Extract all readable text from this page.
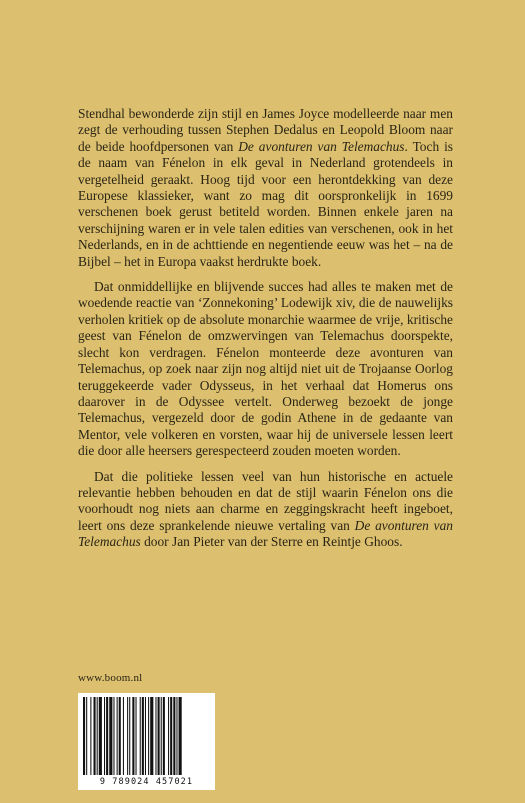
Stendhal bewonderde zijn stijl en James Joyce modelleerde naar men zegt de verhouding tussen Stephen Dedalus en Leopold Bloom naar de beide hoofdpersonen van De avonturen van Telemachus. Toch is de naam van Fénelon in elk geval in Nederland grotendeels in vergetelheid geraakt. Hoog tijd voor een herontdekking van deze Europese klassieker, want zo mag dit oorspronkelijk in 1699 verschenen boek gerust betiteld worden. Binnen enkele jaren na verschijning waren er in vele talen edities van verschenen, ook in het Nederlands, en in de achttiende en negentiende eeuw was het – na de Bijbel – het in Europa vaakst herdrukte boek.

Dat onmiddellijke en blijvende succes had alles te maken met de woedende reactie van ‘Zonnekoning’ Lodewijk xiv, die de nauwelijks verholen kritiek op de absolute monarchie waarmee de vrije, kritische geest van Fénelon de omzwervingen van Telemachus doorspekte, slecht kon verdragen. Fénelon monteerde deze avonturen van Telemachus, op zoek naar zijn nog altijd niet uit de Trojaanse Oorlog teruggekeerde vader Odysseus, in het verhaal dat Homerus ons daarover in de Odyssee vertelt. Onderweg bezoekt de jonge Telemachus, vergezeld door de godin Athene in de gedaante van Mentor, vele volkeren en vorsten, waar hij de universele lessen leert die door alle heersers gerespecteerd zouden moeten worden.

Dat die politieke lessen veel van hun historische en actuele relevantie hebben behouden en dat de stijl waarin Fénelon ons die voorhoudt nog niets aan charme en zeggingskracht heeft ingeboet, leert ons deze sprankelende nieuwe vertaling van De avonturen van Telemachus door Jan Pieter van der Sterre en Reintje Ghoos.

www.boom.nl
9 789024 457021
